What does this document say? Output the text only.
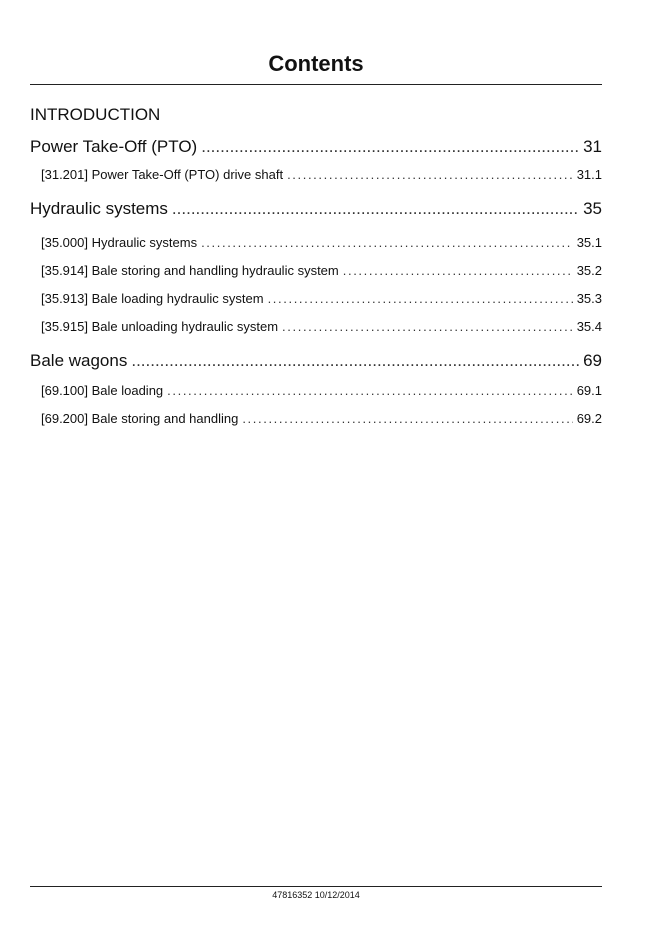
Contents
INTRODUCTION
Power Take-Off (PTO) .....	31
[31.201] Power Take-Off (PTO) drive shaft . . .	31.1
Hydraulic systems .....	35
[35.000] Hydraulic systems . . .	35.1
[35.914] Bale storing and handling hydraulic system . . .	35.2
[35.913] Bale loading hydraulic system . . .	35.3
[35.915] Bale unloading hydraulic system . . .	35.4
Bale wagons .....	69
[69.100] Bale loading . . .	69.1
[69.200] Bale storing and handling . . .	69.2
47816352 10/12/2014
